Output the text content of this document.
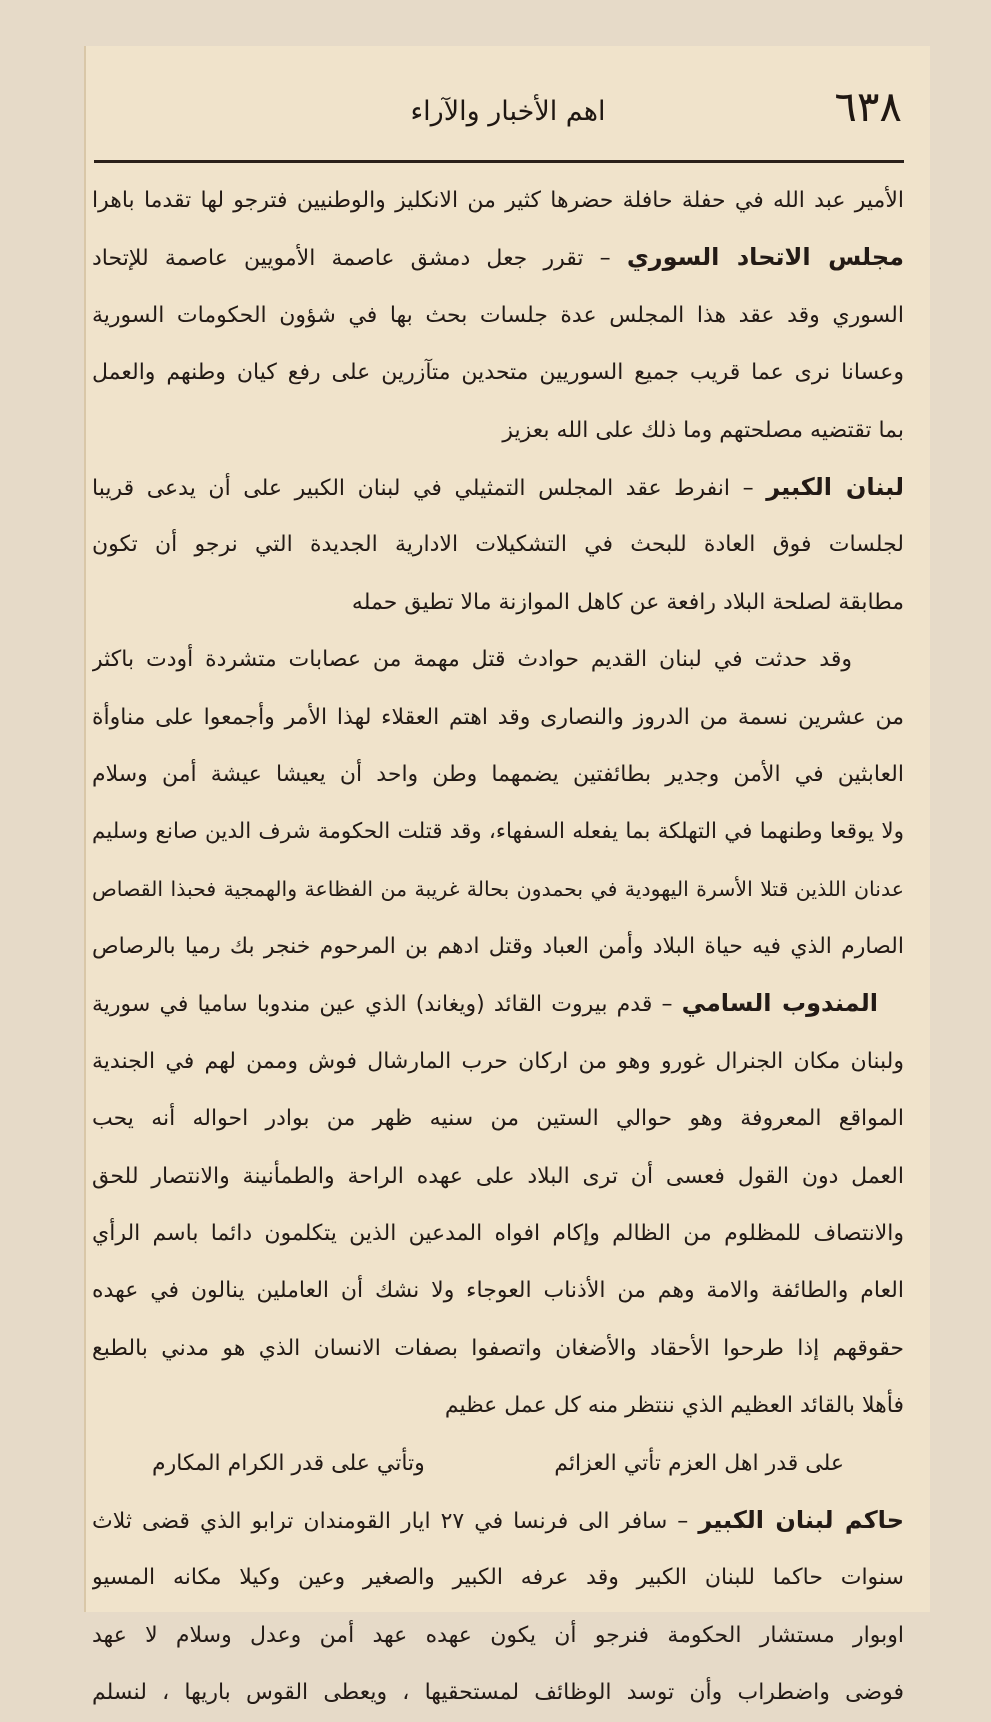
٦٣٨
اهم الأخبار والآراء
الأمير عبد الله في حفلة حافلة حضرها كثير من الانكليز والوطنيين فترجو لها تقدما باهرا
مجلس الاتحاد السوري – تقرر جعل دمشق عاصمة الأمويين عاصمة للإتحاد
السوري وقد عقد هذا المجلس عدة جلسات بحث بها في شؤون الحكومات السورية
وعسانا نرى عما قريب جميع السوريين متحدين متآزرين على رفع كيان وطنهم والعمل
بما تقتضيه مصلحتهم وما ذلك على الله بعزيز
لبنان الكبير – انفرط عقد المجلس التمثيلي في لبنان الكبير على أن يدعى قريبا
لجلسات فوق العادة للبحث في التشكيلات الادارية الجديدة التي نرجو أن تكون
مطابقة لصلحة البلاد رافعة عن كاهل الموازنة مالا تطيق حمله
وقد حدثت في لبنان القديم حوادث قتل مهمة من عصابات متشردة أودت باكثر
من عشرين نسمة من الدروز والنصارى وقد اهتم العقلاء لهذا الأمر وأجمعوا على مناوأة
العابثين في الأمن وجدير بطائفتين يضمهما وطن واحد أن يعيشا عيشة أمن وسلام
ولا يوقعا وطنهما في التهلكة بما يفعله السفهاء، وقد قتلت الحكومة شرف الدين صانع وسليم
عدنان اللذين قتلا الأسرة اليهودية في بحمدون بحالة غريبة من الفظاعة والهمجية فحبذا القصاص
الصارم الذي فيه حياة البلاد وأمن العباد وقتل ادهم بن المرحوم خنجر بك رميا بالرصاص
المندوب السامي – قدم بيروت القائد (ويغاند) الذي عين مندوبا ساميا في سورية
ولبنان مكان الجنرال غورو وهو من اركان حرب المارشال فوش وممن لهم في الجندية
المواقع المعروفة وهو حوالي الستين من سنيه ظهر من بوادر احواله أنه يحب
العمل دون القول فعسى أن ترى البلاد على عهده الراحة والطمأنينة والانتصار للحق
والانتصاف للمظلوم من الظالم وإكام افواه المدعين الذين يتكلمون دائما باسم الرأي
العام والطائفة والامة وهم من الأذناب العوجاء ولا نشك أن العاملين ينالون في عهده
حقوقهم إذا طرحوا الأحقاد والأضغان واتصفوا بصفات الانسان الذي هو مدني بالطبع
فأهلا بالقائد العظيم الذي ننتظر منه كل عمل عظيم
على قدر اهل العزم تأتي العزائم
وتأتي على قدر الكرام المكارم
حاكم لبنان الكبير – سافر الى فرنسا في ٢٧ ايار القومندان ترابو الذي قضى ثلاث
سنوات حاكما للبنان الكبير وقد عرفه الكبير والصغير وعين وكيلا مكانه المسيو
اوبوار مستشار الحكومة فنرجو أن يكون عهده عهد أمن وعدل وسلام لا عهد
فوضى واضطراب وأن توسد الوظائف لمستحقيها ، ويعطى القوس باريها ، لنسلم
